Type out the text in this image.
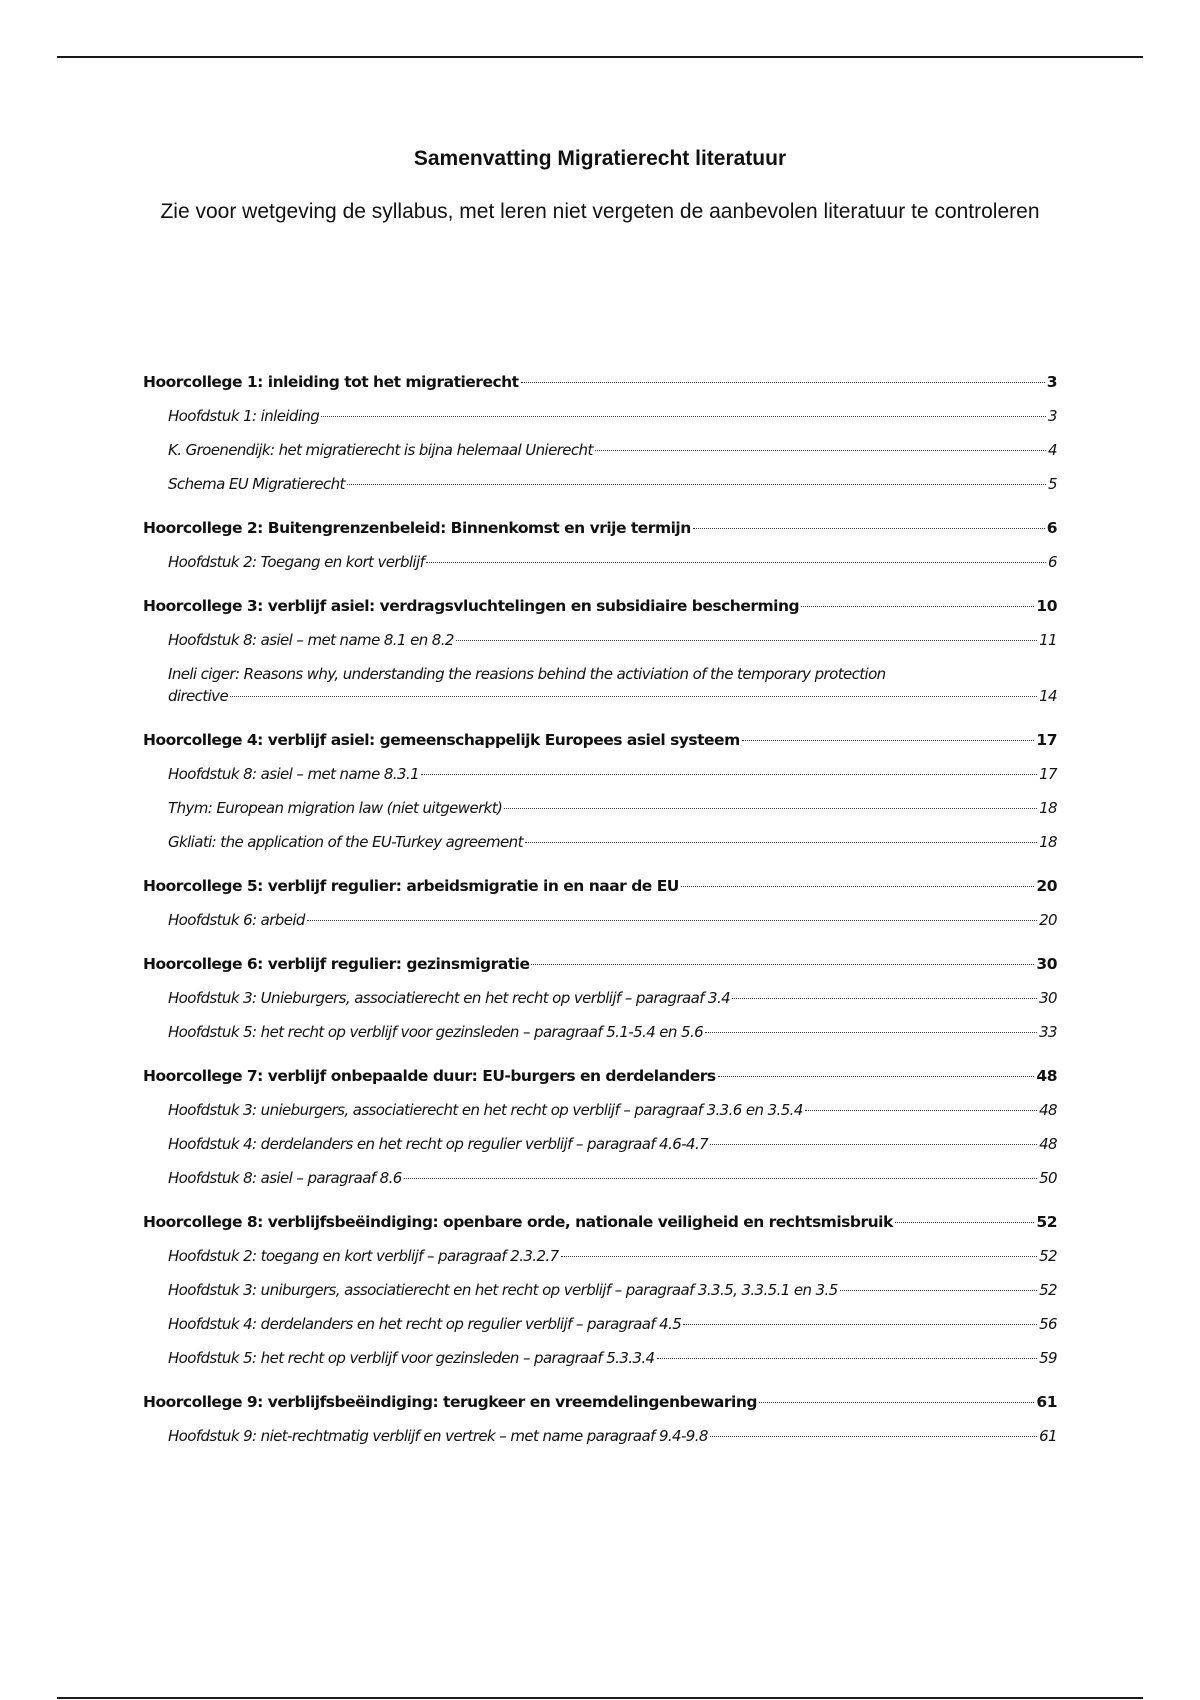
Samenvatting Migratierecht literatuur

Zie voor wetgeving de syllabus, met leren niet vergeten de aanbevolen literatuur te controleren

Hoorcollege 1: inleiding tot het migratierecht	3
Hoofdstuk 1: inleiding	3
K. Groenendijk: het migratierecht is bijna helemaal Unierecht	4
Schema EU Migratierecht	5
Hoorcollege 2: Buitengrenzenbeleid: Binnenkomst en vrije termijn	6
Hoofdstuk 2: Toegang en kort verblijf	6
Hoorcollege 3: verblijf asiel: verdragsvluchtelingen en subsidiaire bescherming	10
Hoofdstuk 8: asiel – met name 8.1 en 8.2	11
Ineli ciger: Reasons why, understanding the reasions behind the activiation of the temporary protection
directive	14
Hoorcollege 4: verblijf asiel: gemeenschappelijk Europees asiel systeem	17
Hoofdstuk 8: asiel – met name 8.3.1	17
Thym: European migration law (niet uitgewerkt)	18
Gkliati: the application of the EU-Turkey agreement	18
Hoorcollege 5: verblijf regulier: arbeidsmigratie in en naar de EU	20
Hoofdstuk 6: arbeid	20
Hoorcollege 6: verblijf regulier: gezinsmigratie	30
Hoofdstuk 3: Unieburgers, associatierecht en het recht op verblijf – paragraaf 3.4	30
Hoofdstuk 5: het recht op verblijf voor gezinsleden – paragraaf 5.1-5.4 en 5.6	33
Hoorcollege 7: verblijf onbepaalde duur: EU-burgers en derdelanders	48
Hoofdstuk 3: unieburgers, associatierecht en het recht op verblijf – paragraaf 3.3.6 en 3.5.4	48
Hoofdstuk 4: derdelanders en het recht op regulier verblijf – paragraaf 4.6-4.7	48
Hoofdstuk 8: asiel – paragraaf 8.6	50
Hoorcollege 8: verblijfsbeëindiging: openbare orde, nationale veiligheid en rechtsmisbruik	52
Hoofdstuk 2: toegang en kort verblijf – paragraaf 2.3.2.7	52
Hoofdstuk 3: uniburgers, associatierecht en het recht op verblijf – paragraaf 3.3.5, 3.3.5.1 en 3.5	52
Hoofdstuk 4: derdelanders en het recht op regulier verblijf – paragraaf 4.5	56
Hoofdstuk 5: het recht op verblijf voor gezinsleden – paragraaf 5.3.3.4	59
Hoorcollege 9: verblijfsbeëindiging: terugkeer en vreemdelingenbewaring	61
Hoofdstuk 9: niet-rechtmatig verblijf en vertrek – met name paragraaf 9.4-9.8	61
